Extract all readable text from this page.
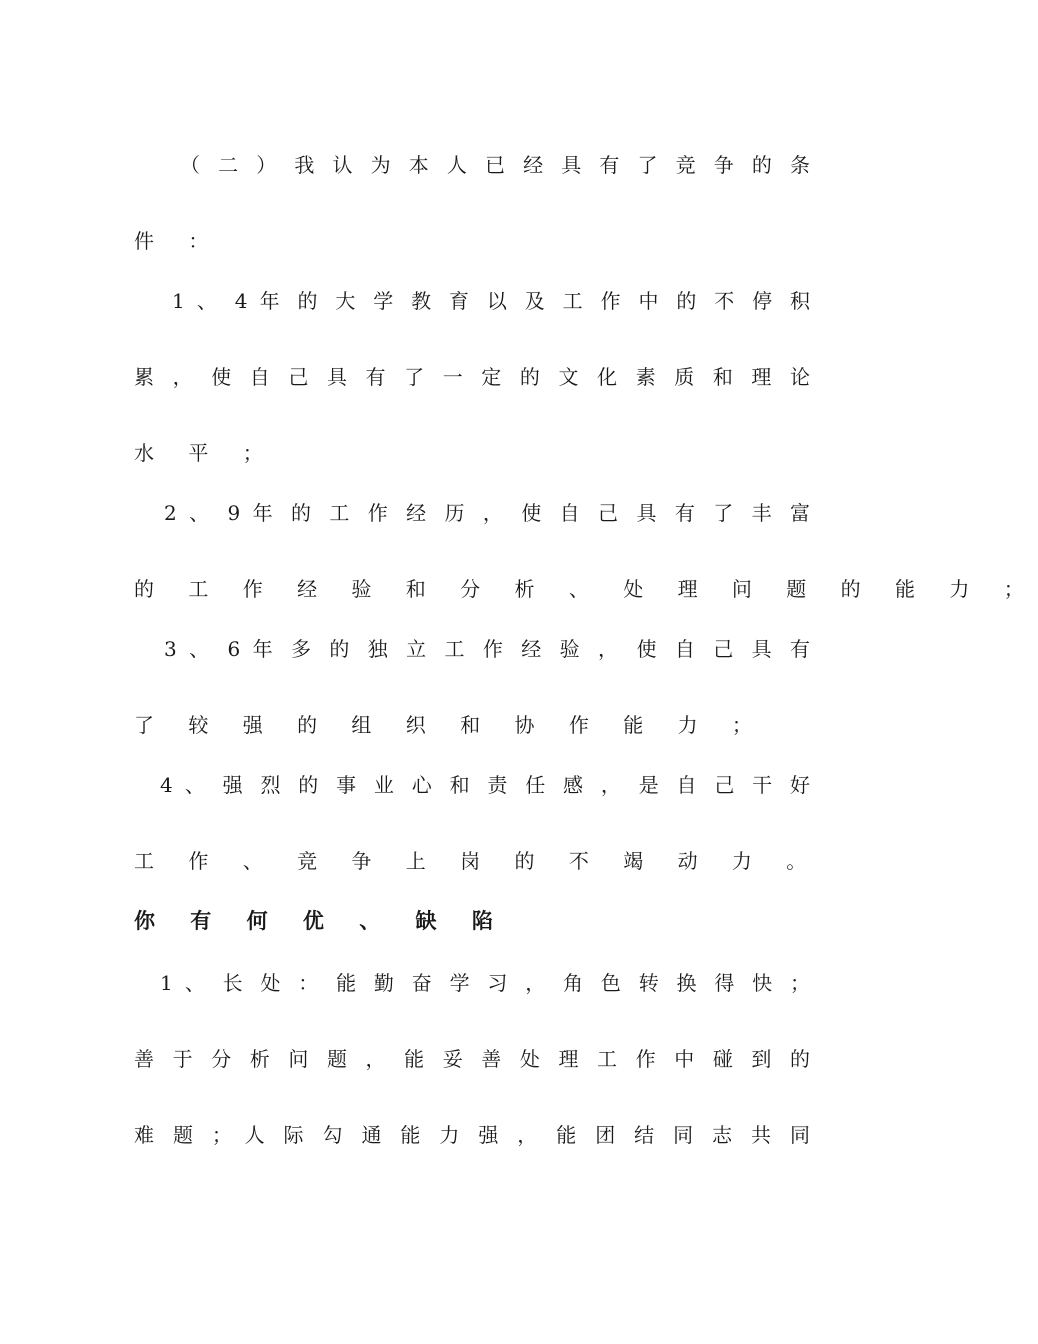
（ 二 ） 我 认 为 本 人 已 经 具 有 了 竞 争 的 条
件 ：
1 、 4 年 的 大 学 教 育 以 及 工 作 中 的 不 停 积
累 ， 使 自 己 具 有 了 一 定 的 文 化 素 质 和 理 论
水 平 ；
2 、 9 年 的 工 作 经 历 ， 使 自 己 具 有 了 丰 富
的 工 作 经 验 和 分 析 、 处 理 问 题 的 能 力 ；
3 、 6 年 多 的 独 立 工 作 经 验 ， 使 自 己 具 有
了 较 强 的 组 织 和 协 作 能 力 ；
4 、 强 烈 的 事 业 心 和 责 任 感 ， 是 自 己 干 好
工 作 、 竞 争 上 岗 的 不 竭 动 力 。
你 有 何 优 、 缺 陷
1 、 长 处 ： 能 勤 奋 学 习 ， 角 色 转 换 得 快 ；
善 于 分 析 问 题 ， 能 妥 善 处 理 工 作 中 碰 到 的
难 题 ； 人 际 勾 通 能 力 强 ， 能 团 结 同 志 共 同
